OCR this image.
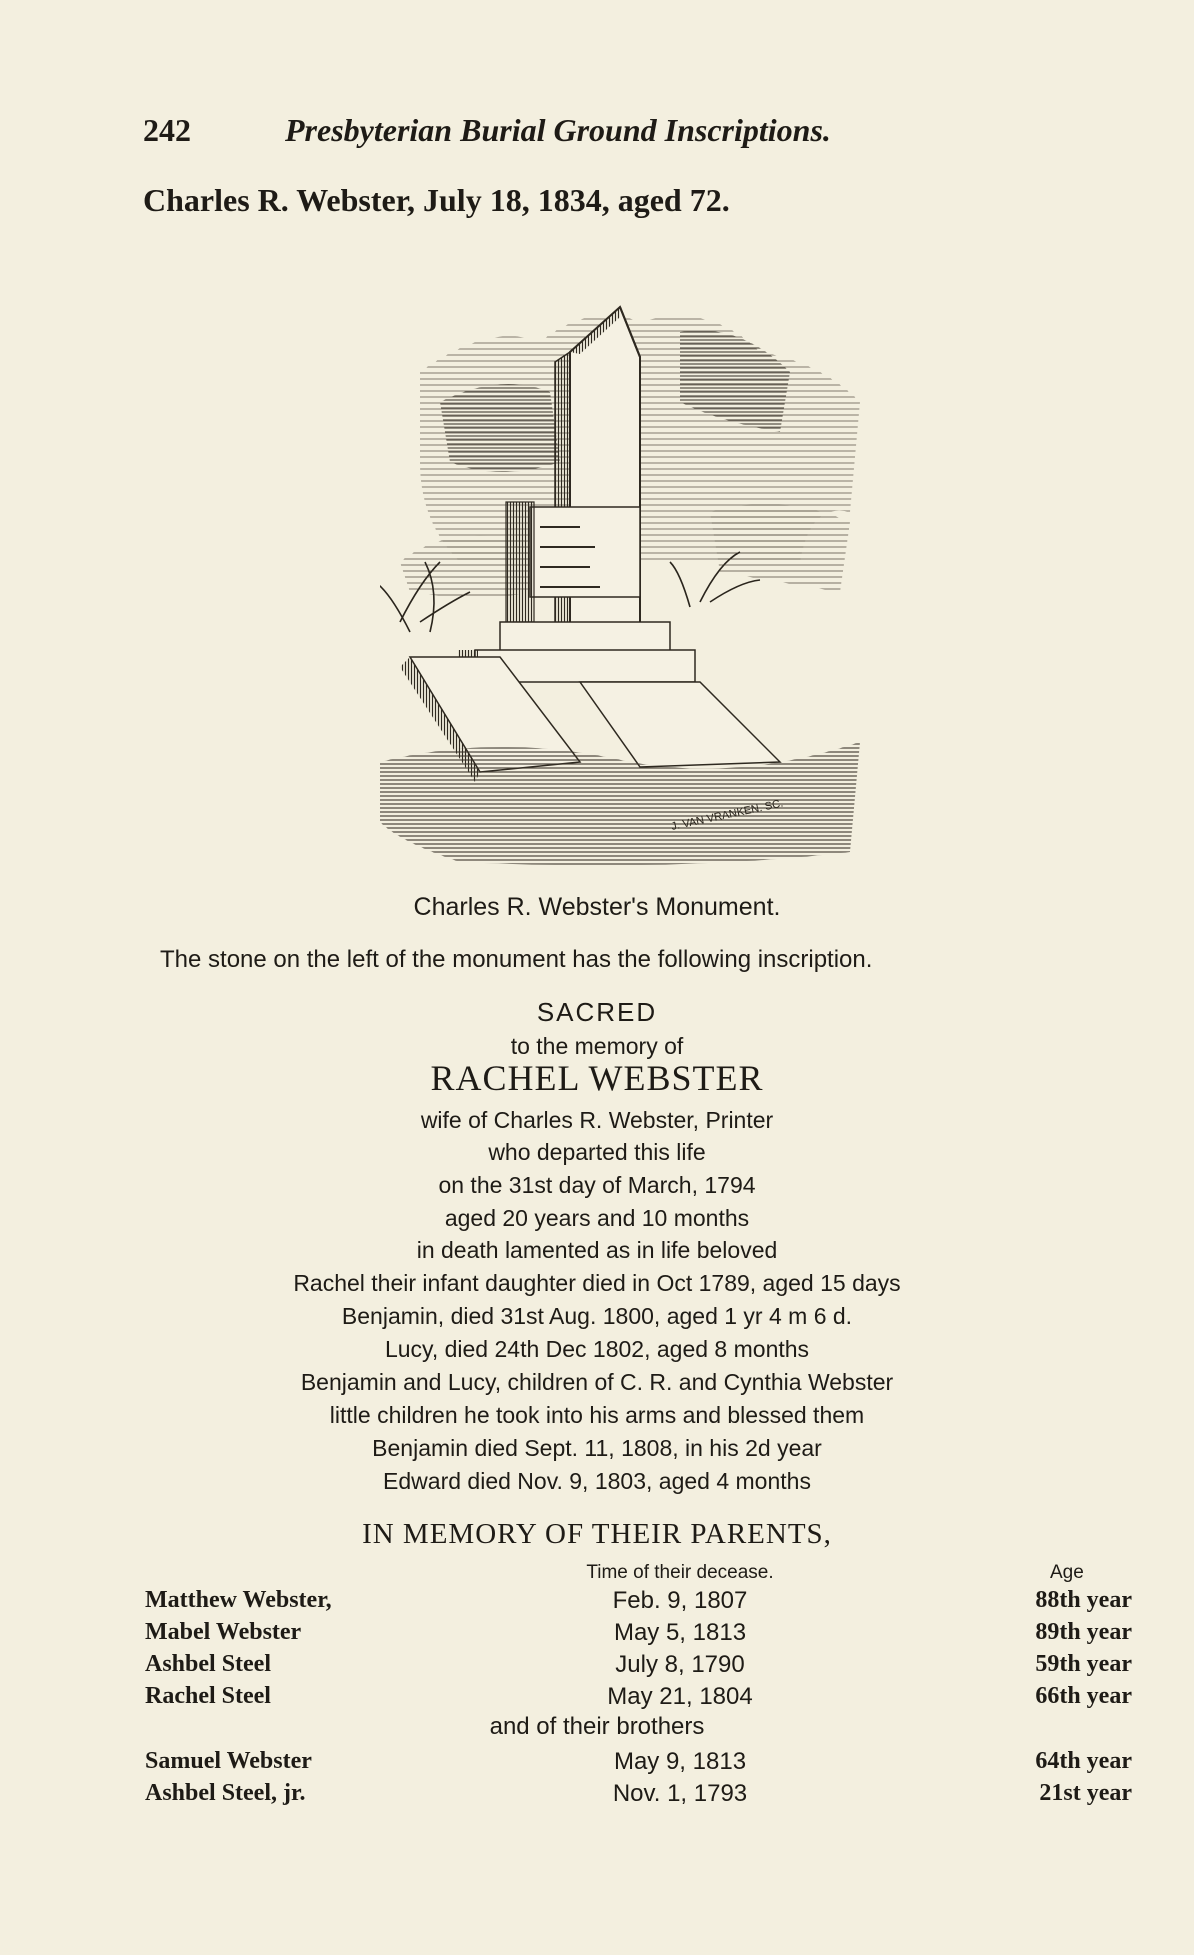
242	Presbyterian Burial Ground Inscriptions.
Charles R. Webster, July 18, 1834, aged 72.
J. VAN VRANKEN. SC.
Charles R. Webster's Monument.
The stone on the left of the monument has the following inscription.
SACRED
to the memory of
RACHEL WEBSTER
wife of Charles R. Webster, Printer
who departed this life
on the 31st day of March, 1794
aged 20 years and 10 months
in death lamented as in life beloved
Rachel their infant daughter died in Oct 1789, aged 15 days
Benjamin, died 31st Aug. 1800, aged 1 yr 4 m 6 d.
Lucy, died 24th Dec 1802, aged 8 months
Benjamin and Lucy, children of C. R. and Cynthia Webster
little children he took into his arms and blessed them
Benjamin died Sept. 11, 1808, in his 2d year
Edward died Nov. 9, 1803, aged 4 months
IN MEMORY OF THEIR PARENTS,
Time of their decease.	Age
Matthew Webster,	Feb. 9, 1807	88th year
Mabel Webster	May 5, 1813	89th year
Ashbel Steel	July 8, 1790	59th year
Rachel Steel	May 21, 1804	66th year
and of their brothers
Samuel Webster	May 9, 1813	64th year
Ashbel Steel, jr.	Nov. 1, 1793	21st year
